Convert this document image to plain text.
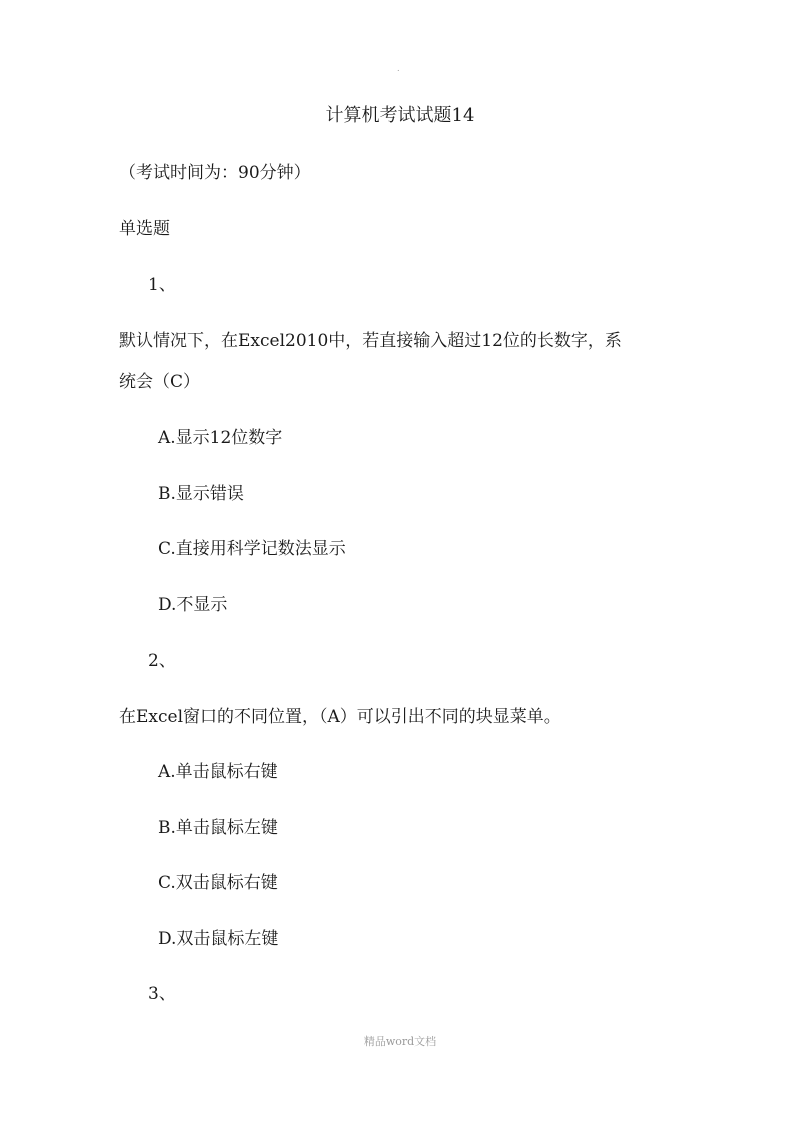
.
计算机考试试题14
（考试时间为：90分钟）
单选题
1、
默认情况下，在Excel2010中，若直接输入超过12位的长数字，系
统会（C）
A.显示12位数字
B.显示错误
C.直接用科学记数法显示
D.不显示
2、
在Excel窗口的不同位置，（A）可以引出不同的块显菜单。
A.单击鼠标右键
B.单击鼠标左键
C.双击鼠标右键
D.双击鼠标左键
3、
精品word文档
